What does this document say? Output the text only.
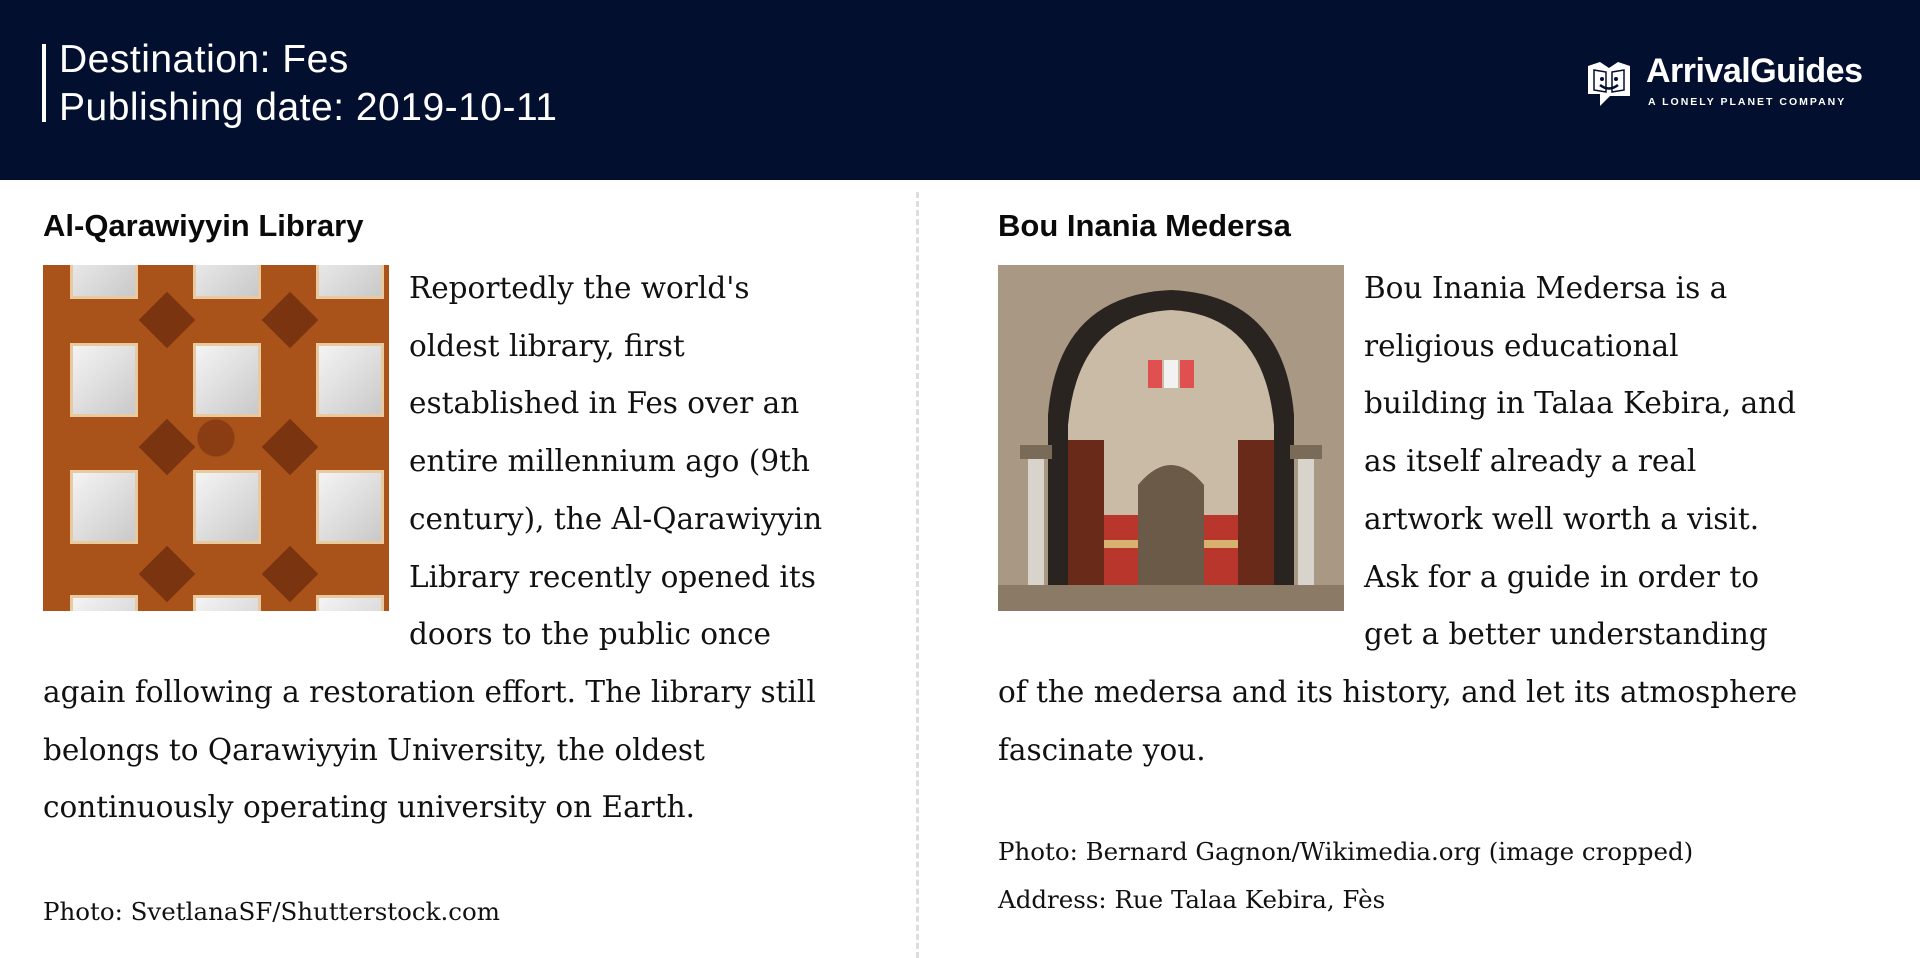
Destination: Fes
Publishing date: 2019-10-11
ArrivalGuides
A LONELY PLANET COMPANY
Al-Qarawiyyin Library

Reportedly the world's oldest library, first established in Fes over an entire millennium ago (9th century), the Al-Qarawiyyin Library recently opened its doors to the public once again following a restoration effort. The library still belongs to Qarawiyyin University, the oldest continuously operating university on Earth.

Photo: SvetlanaSF/Shutterstock.com
Bou Inania Medersa

Bou Inania Medersa is a religious educational building in Talaa Kebira, and as itself already a real artwork well worth a visit. Ask for a guide in order to get a better understanding of the medersa and its history, and let its atmosphere fascinate you.

Photo: Bernard Gagnon/Wikimedia.org (image cropped)
Address: Rue Talaa Kebira, Fès
